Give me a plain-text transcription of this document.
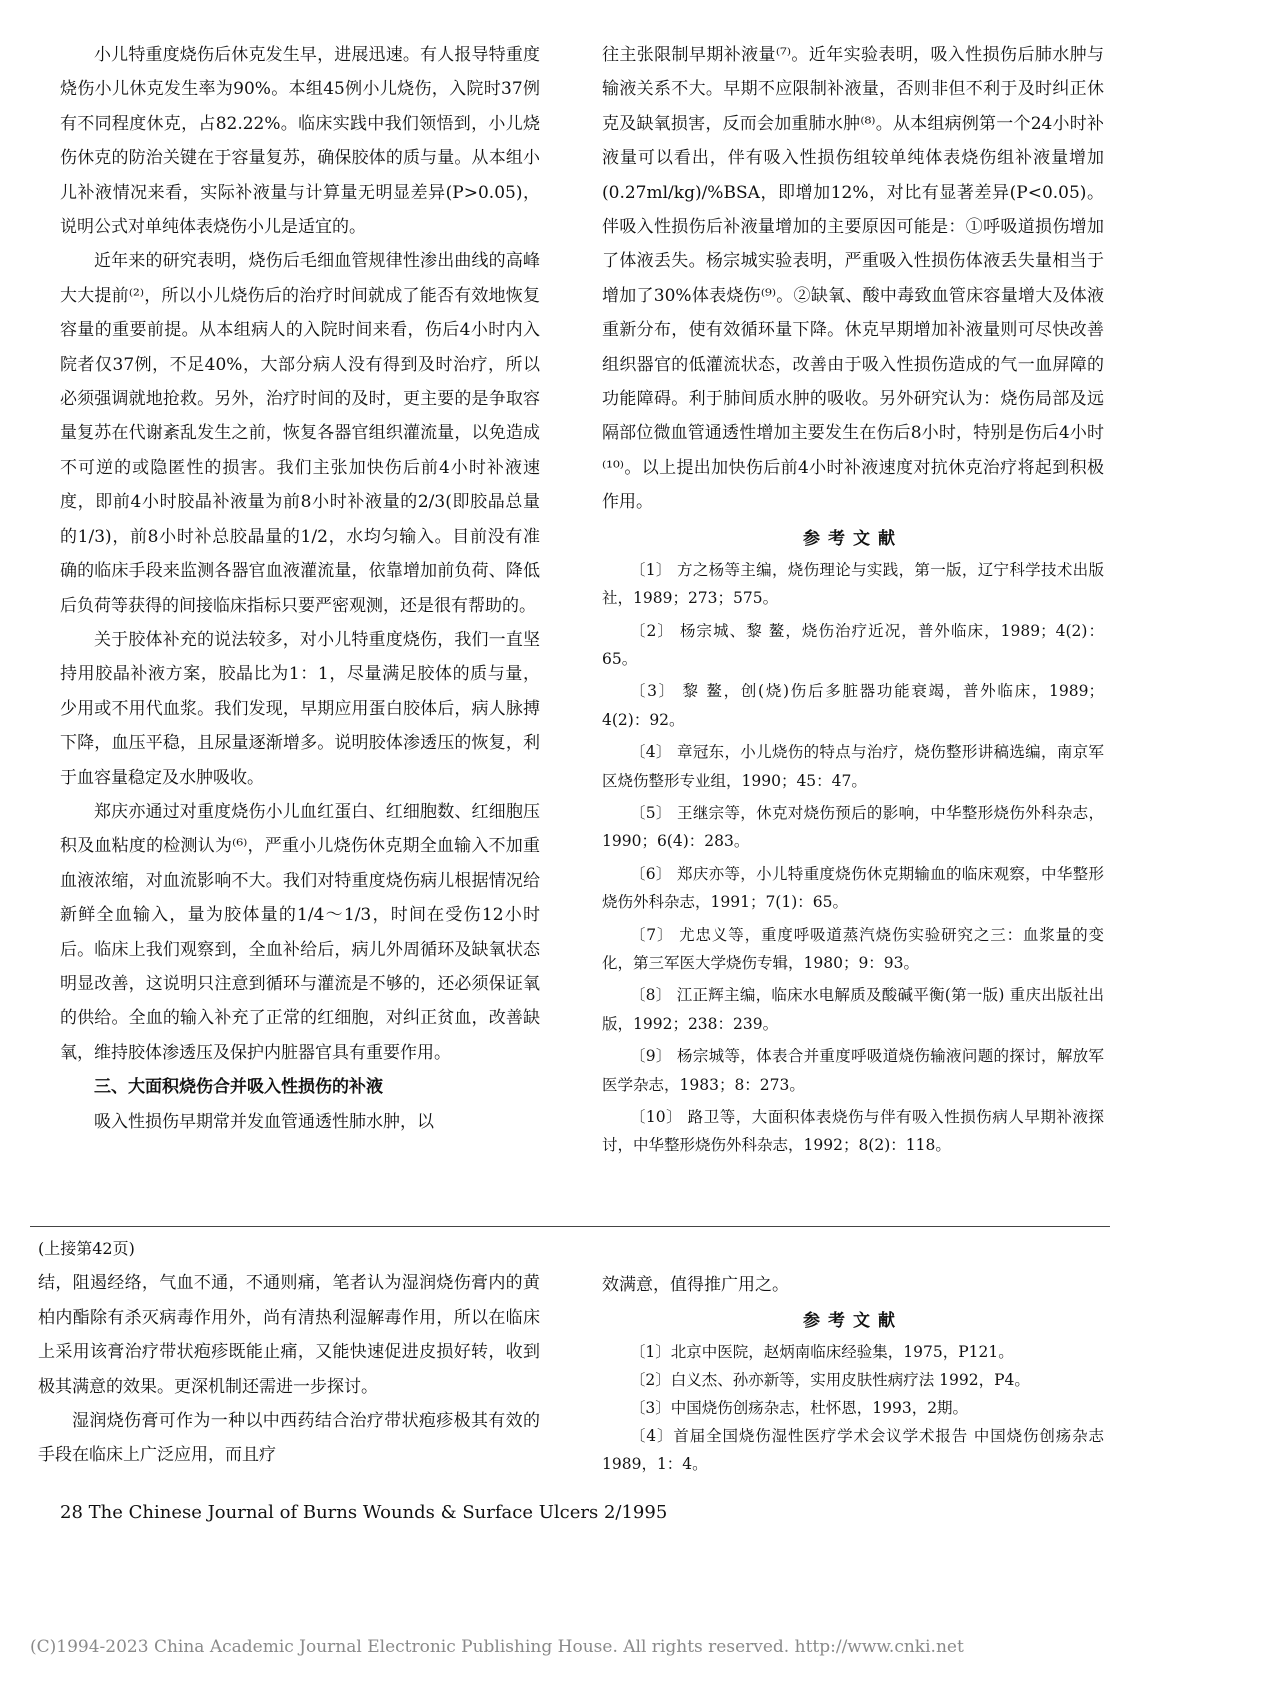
小儿特重度烧伤后休克发生早，进展迅速。有人报导特重度烧伤小儿休克发生率为90%。本组45例小儿烧伤，入院时37例有不同程度休克，占82.22%。临床实践中我们领悟到，小儿烧伤休克的防治关键在于容量复苏，确保胶体的质与量。从本组小儿补液情况来看，实际补液量与计算量无明显差异(P>0.05)，说明公式对单纯体表烧伤小儿是适宜的。

近年来的研究表明，烧伤后毛细血管规律性渗出曲线的高峰大大提前⁽²⁾，所以小儿烧伤后的治疗时间就成了能否有效地恢复容量的重要前提。从本组病人的入院时间来看，伤后4小时内入院者仅37例，不足40%，大部分病人没有得到及时治疗，所以必须强调就地抢救。另外，治疗时间的及时，更主要的是争取容量复苏在代谢紊乱发生之前，恢复各器官组织灌流量，以免造成不可逆的或隐匿性的损害。我们主张加快伤后前4小时补液速度，即前4小时胶晶补液量为前8小时补液量的2/3(即胶晶总量的1/3)，前8小时补总胶晶量的1/2，水均匀输入。目前没有准确的临床手段来监测各器官血液灌流量，依靠增加前负荷、降低后负荷等获得的间接临床指标只要严密观测，还是很有帮助的。

关于胶体补充的说法较多，对小儿特重度烧伤，我们一直坚持用胶晶补液方案，胶晶比为1：1，尽量满足胶体的质与量，少用或不用代血浆。我们发现，早期应用蛋白胶体后，病人脉搏下降，血压平稳，且尿量逐渐增多。说明胶体渗透压的恢复，利于血容量稳定及水肿吸收。

郑庆亦通过对重度烧伤小儿血红蛋白、红细胞数、红细胞压积及血粘度的检测认为⁽⁶⁾，严重小儿烧伤休克期全血输入不加重血液浓缩，对血流影响不大。我们对特重度烧伤病儿根据情况给新鲜全血输入，量为胶体量的1/4～1/3，时间在受伤12小时后。临床上我们观察到，全血补给后，病儿外周循环及缺氧状态明显改善，这说明只注意到循环与灌流是不够的，还必须保证氧的供给。全血的输入补充了正常的红细胞，对纠正贫血，改善缺氧，维持胶体渗透压及保护内脏器官具有重要作用。

三、大面积烧伤合并吸入性损伤的补液

吸入性损伤早期常并发血管通透性肺水肿，以

往主张限制早期补液量⁽⁷⁾。近年实验表明，吸入性损伤后肺水肿与输液关系不大。早期不应限制补液量，否则非但不利于及时纠正休克及缺氧损害，反而会加重肺水肿⁽⁸⁾。从本组病例第一个24小时补液量可以看出，伴有吸入性损伤组较单纯体表烧伤组补液量增加(0.27ml/kg)/%BSA，即增加12%，对比有显著差异(P<0.05)。伴吸入性损伤后补液量增加的主要原因可能是：①呼吸道损伤增加了体液丢失。杨宗城实验表明，严重吸入性损伤体液丢失量相当于增加了30%体表烧伤⁽⁹⁾。②缺氧、酸中毒致血管床容量增大及体液重新分布，使有效循环量下降。休克早期增加补液量则可尽快改善组织器官的低灌流状态，改善由于吸入性损伤造成的气一血屏障的功能障碍。利于肺间质水肿的吸收。另外研究认为：烧伤局部及远隔部位微血管通透性增加主要发生在伤后8小时，特别是伤后4小时⁽¹⁰⁾。以上提出加快伤后前4小时补液速度对抗休克治疗将起到积极作用。

参考文献

〔1〕 方之杨等主编，烧伤理论与实践，第一版，辽宁科学技术出版社，1989；273；575。

〔2〕 杨宗城、黎 鳌，烧伤治疗近况，普外临床，1989；4(2)：65。

〔3〕 黎 鳌，创(烧)伤后多脏器功能衰竭，普外临床，1989；4(2)：92。

〔4〕 章冠东，小儿烧伤的特点与治疗，烧伤整形讲稿选编，南京军区烧伤整形专业组，1990；45：47。

〔5〕 王继宗等，休克对烧伤预后的影响，中华整形烧伤外科杂志，1990；6(4)：283。

〔6〕 郑庆亦等，小儿特重度烧伤休克期输血的临床观察，中华整形烧伤外科杂志，1991；7(1)：65。

〔7〕 尤忠义等，重度呼吸道蒸汽烧伤实验研究之三：血浆量的变化，第三军医大学烧伤专辑，1980；9：93。

〔8〕 江正辉主编，临床水电解质及酸碱平衡(第一版) 重庆出版社出版，1992；238：239。

〔9〕 杨宗城等，体表合并重度呼吸道烧伤输液问题的探讨，解放军医学杂志，1983；8：273。

〔10〕 路卫等，大面积体表烧伤与伴有吸入性损伤病人早期补液探讨，中华整形烧伤外科杂志，1992；8(2)：118。

(上接第42页)

结，阻遏经络，气血不通，不通则痛，笔者认为湿润烧伤膏内的黄柏内酯除有杀灭病毒作用外，尚有清热利湿解毒作用，所以在临床上采用该膏治疗带状疱疹既能止痛，又能快速促进皮损好转，收到极其满意的效果。更深机制还需进一步探讨。

湿润烧伤膏可作为一种以中西药结合治疗带状疱疹极其有效的手段在临床上广泛应用，而且疗

效满意，值得推广用之。

参考文献

〔1〕北京中医院，赵炳南临床经验集，1975，P121。

〔2〕白义杰、孙亦新等，实用皮肤性病疗法 1992，P4。

〔3〕中国烧伤创疡杂志，杜怀恩，1993，2期。

〔4〕首届全国烧伤湿性医疗学术会议学术报告 中国烧伤创疡杂志 1989，1：4。

28 The Chinese Journal of Burns Wounds & Surface Ulcers 2/1995
(C)1994-2023 China Academic Journal Electronic Publishing House. All rights reserved. http://www.cnki.net
